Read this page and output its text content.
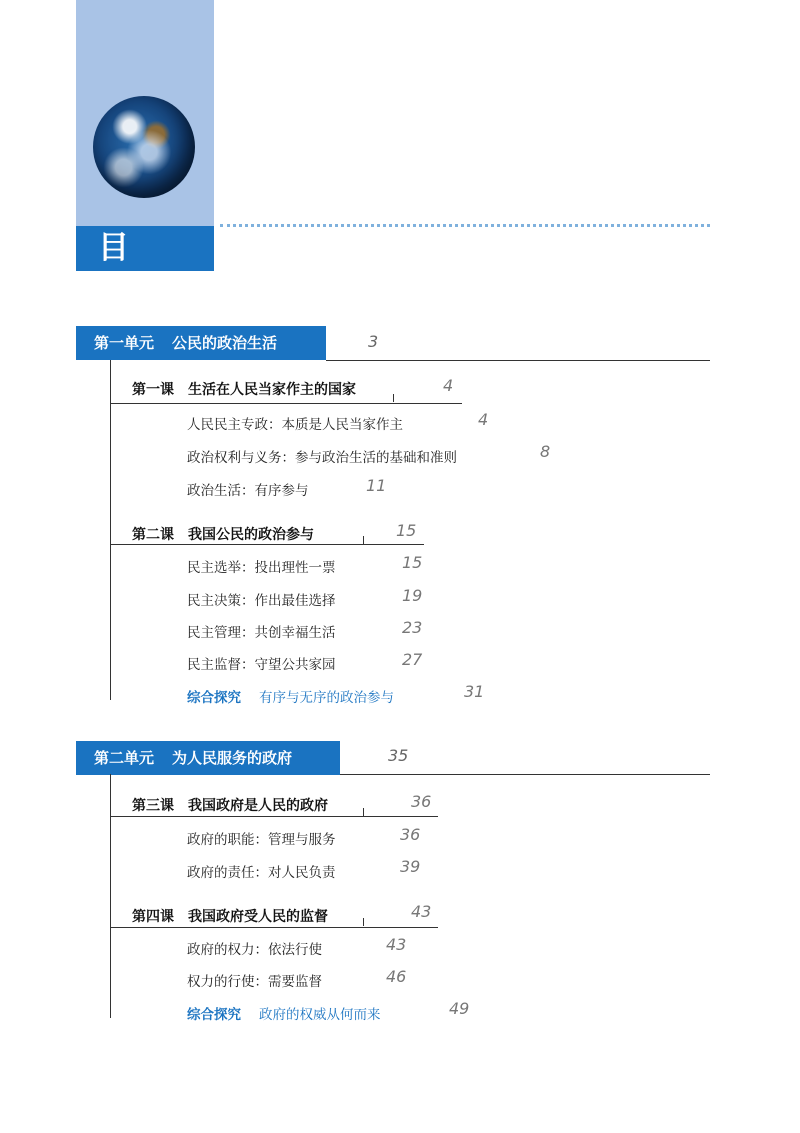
目 录
第一单元 公民的政治生活	3
第一课 生活在人民当家作主的国家	4
人民民主专政：本质是人民当家作主	4
政治权利与义务：参与政治生活的基础和准则	8
政治生活：有序参与	11
第二课 我国公民的政治参与	15
民主选举：投出理性一票	15
民主决策：作出最佳选择	19
民主管理：共创幸福生活	23
民主监督：守望公共家园	27
综合探究 有序与无序的政治参与	31
第二单元 为人民服务的政府	35
第三课 我国政府是人民的政府	36
政府的职能：管理与服务	36
政府的责任：对人民负责	39
第四课 我国政府受人民的监督	43
政府的权力：依法行使	43
权力的行使：需要监督	46
综合探究 政府的权威从何而来	49
